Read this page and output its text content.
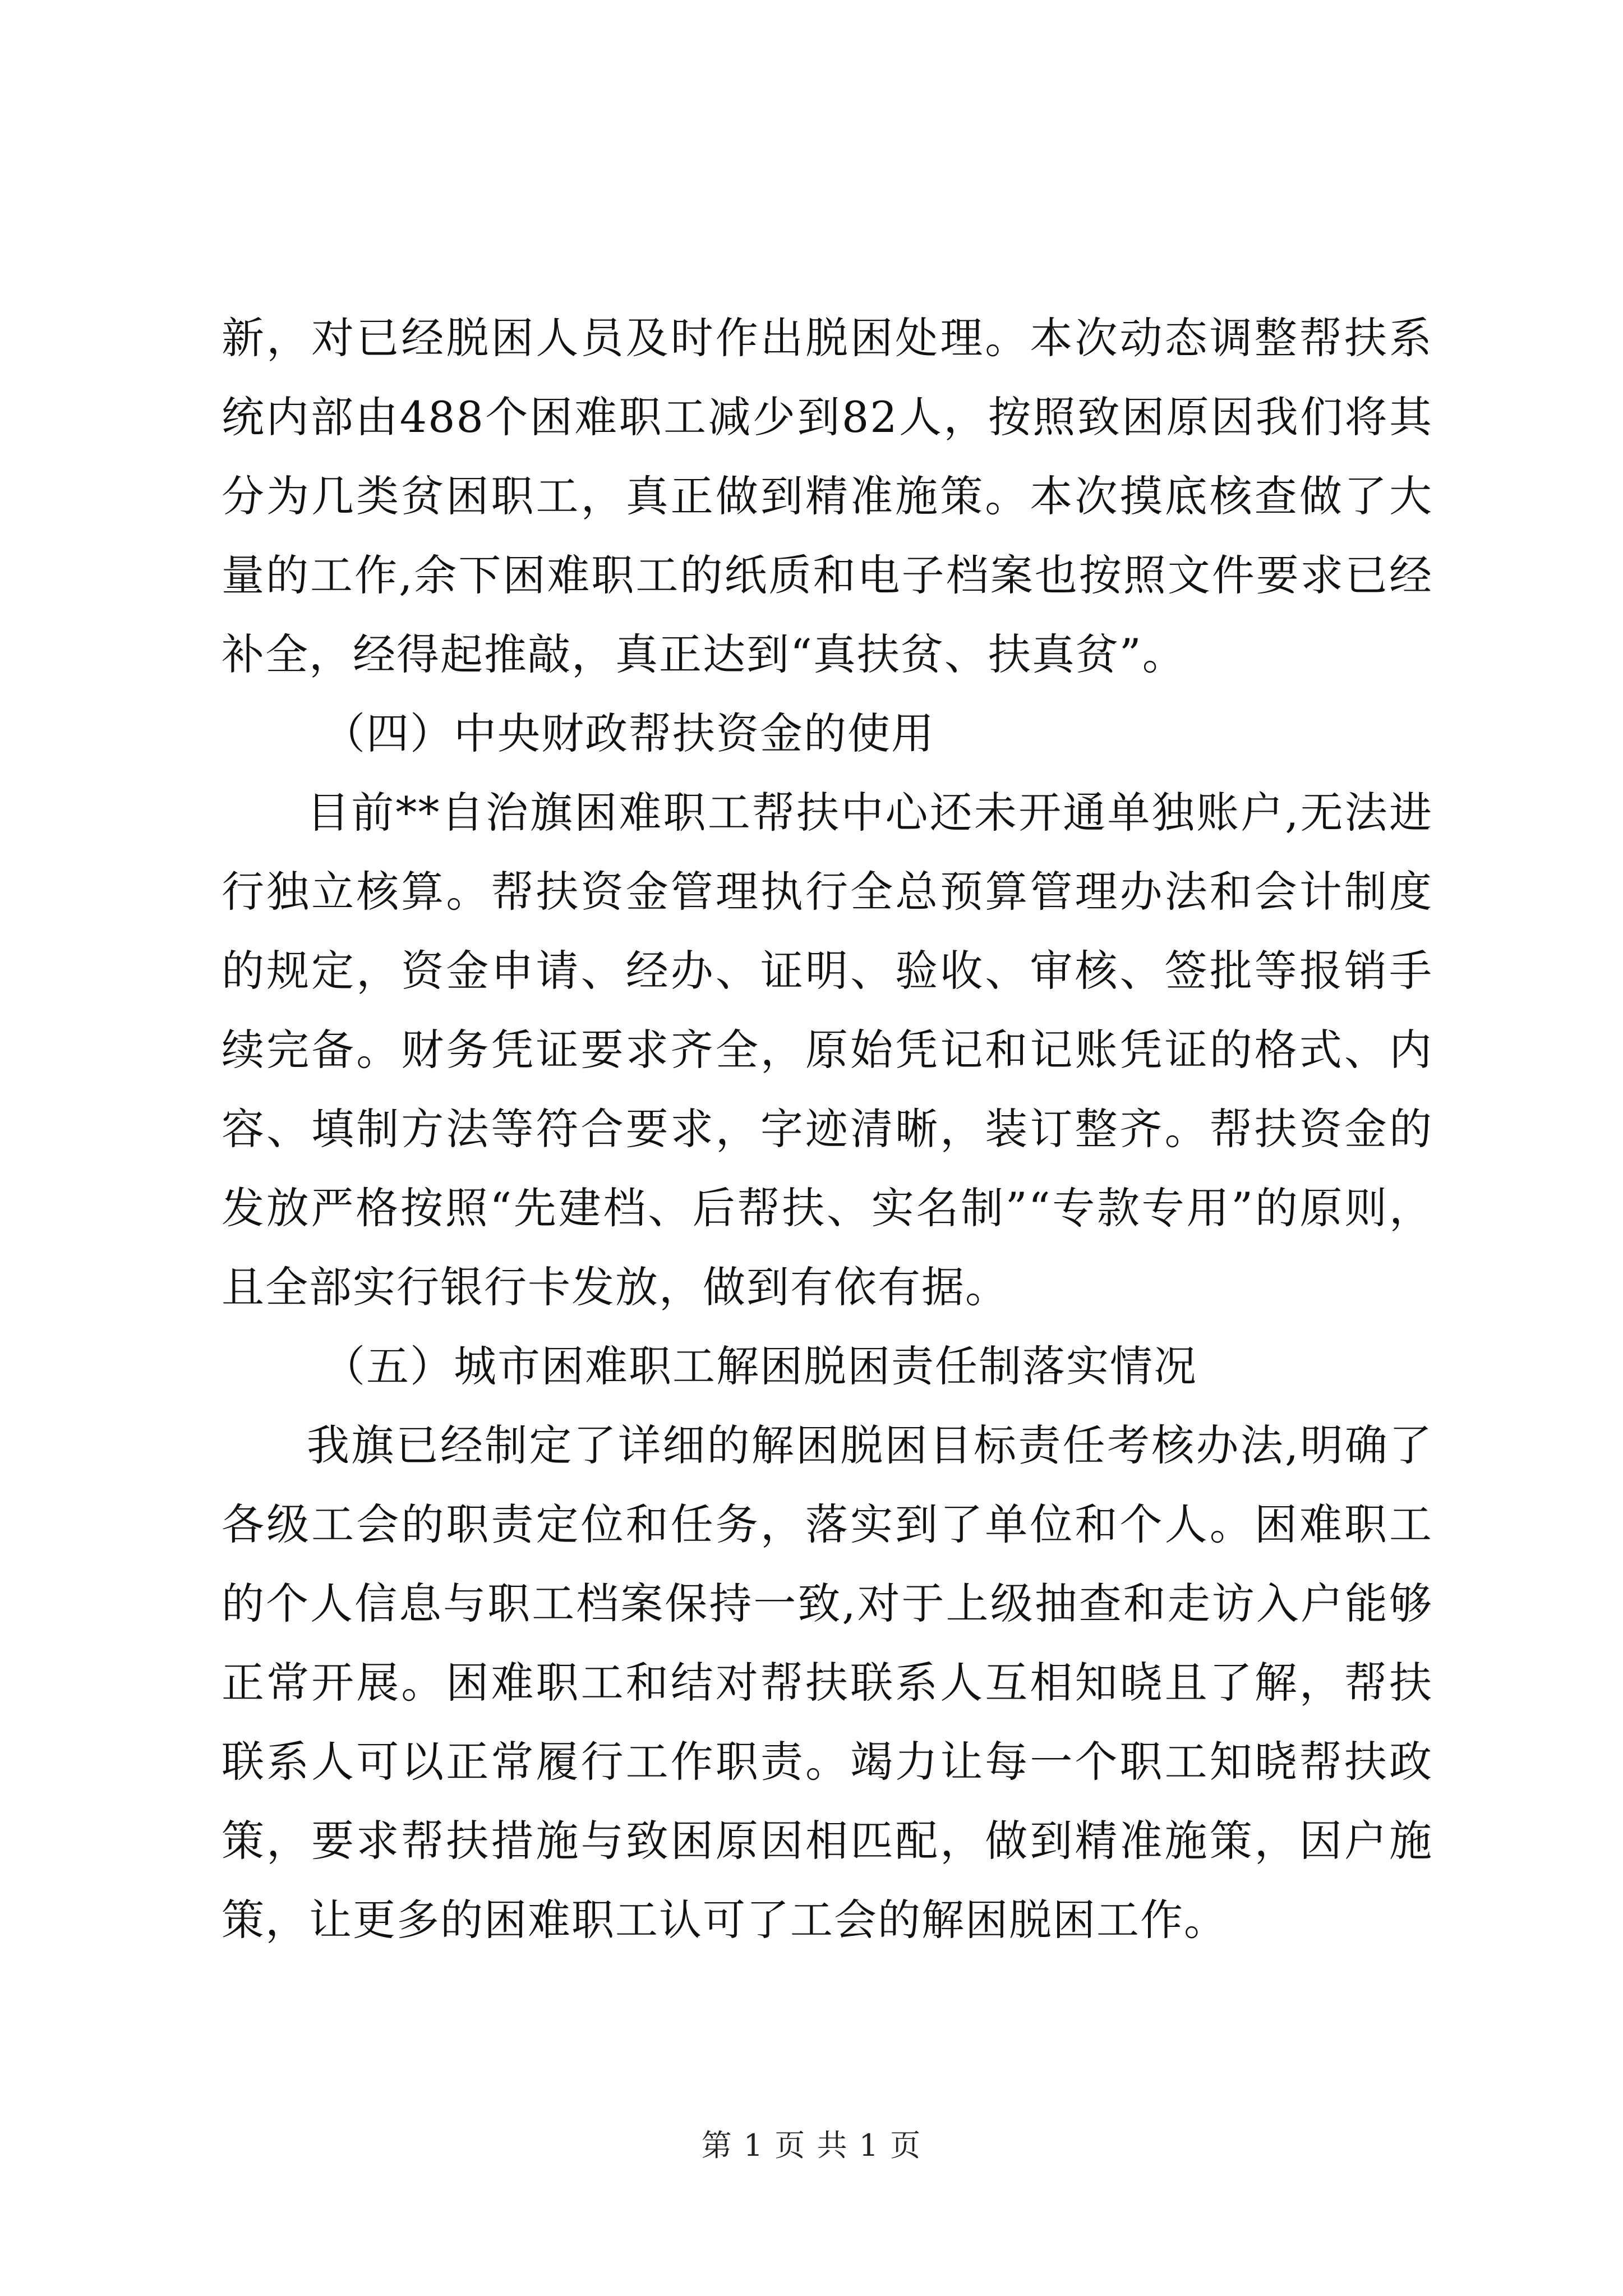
新，对已经脱困人员及时作出脱困处理。本次动态调整帮扶系统内部由488个困难职工减少到82人，按照致困原因我们将其分为几类贫困职工，真正做到精准施策。本次摸底核查做了大量的工作,余下困难职工的纸质和电子档案也按照文件要求已经补全，经得起推敲，真正达到“真扶贫、扶真贫”。

（四）中央财政帮扶资金的使用

目前**自治旗困难职工帮扶中心还未开通单独账户,无法进行独立核算。帮扶资金管理执行全总预算管理办法和会计制度的规定，资金申请、经办、证明、验收、审核、签批等报销手续完备。财务凭证要求齐全，原始凭记和记账凭证的格式、内容、填制方法等符合要求，字迹清晰，装订整齐。帮扶资金的发放严格按照“先建档、后帮扶、实名制”“专款专用”的原则，且全部实行银行卡发放，做到有依有据。

（五）城市困难职工解困脱困责任制落实情况

我旗已经制定了详细的解困脱困目标责任考核办法,明确了各级工会的职责定位和任务，落实到了单位和个人。困难职工的个人信息与职工档案保持一致,对于上级抽查和走访入户能够正常开展。困难职工和结对帮扶联系人互相知晓且了解，帮扶联系人可以正常履行工作职责。竭力让每一个职工知晓帮扶政策，要求帮扶措施与致困原因相匹配，做到精准施策，因户施策，让更多的困难职工认可了工会的解困脱困工作。

第 1 页 共 1 页
